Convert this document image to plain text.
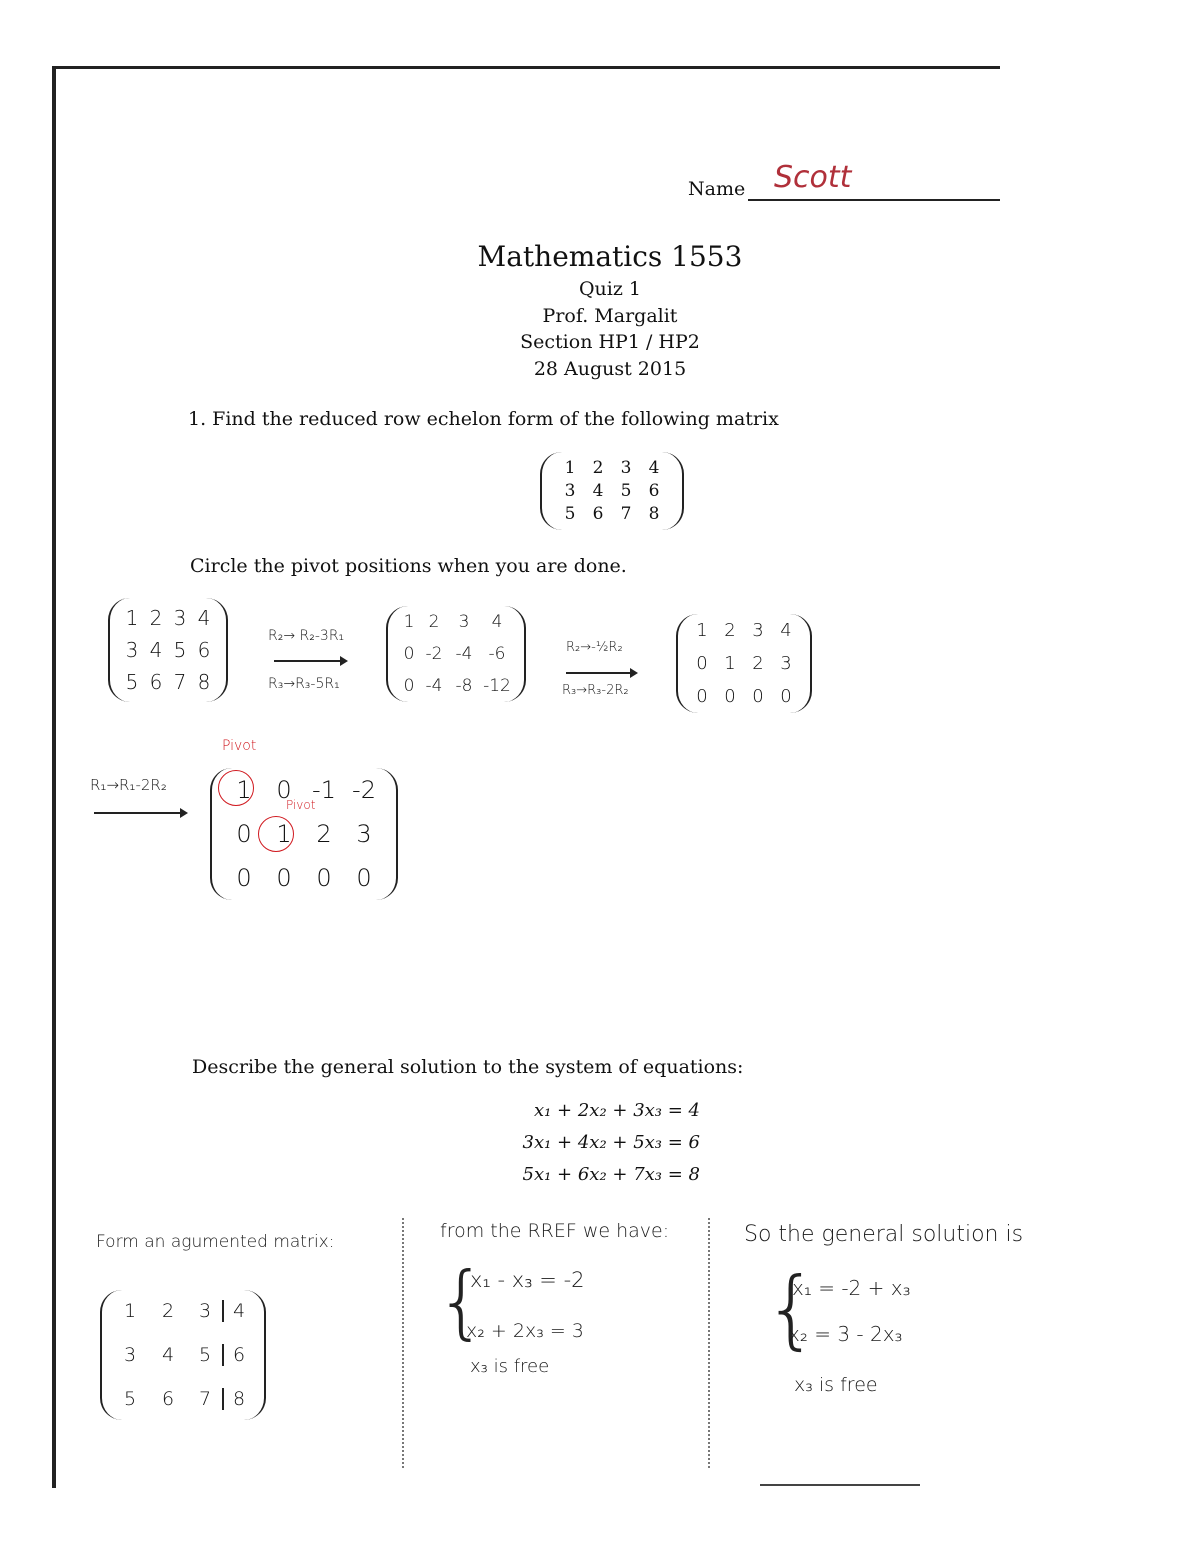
Name Scott
Mathematics 1553
Quiz 1
Prof. Margalit
Section HP1 / HP2
28 August 2015
1. Find the reduced row echelon form of the following matrix
1	2	3	4
3	4	5	6
5	6	7	8
Circle the pivot positions when you are done.
1 2 3 4
3 4 5 6
5 6 7 8
R₂→ R₂-3R₁
R₃→R₃-5R₁
1 2	3	4
0 -2 -4 -6
0 -4 -8 -12
R₂→-½R₂
R₃→R₃-2R₂
1 2 3 4
0 1 2 3
0 0 0 0
R₁→R₁-2R₂
Pivot
Pivot
1	0 -1 -2
0	1	2	3
0	0	0	0
Describe the general solution to the system of equations:
x₁ + 2x₂ + 3x₃ = 4
3x₁ + 4x₂ + 5x₃ = 6
5x₁ + 6x₂ + 7x₃ = 8
Form an agumented matrix:
1	2	3	4
3	4	5	6
5	6	7	8
from the RREF we have:
{
x₁ - x₃ = -2
x₂ + 2x₃ = 3
x₃ is free
So the general solution is
{
x₁ = -2 + x₃
x₂ = 3 - 2x₃
x₃ is free
